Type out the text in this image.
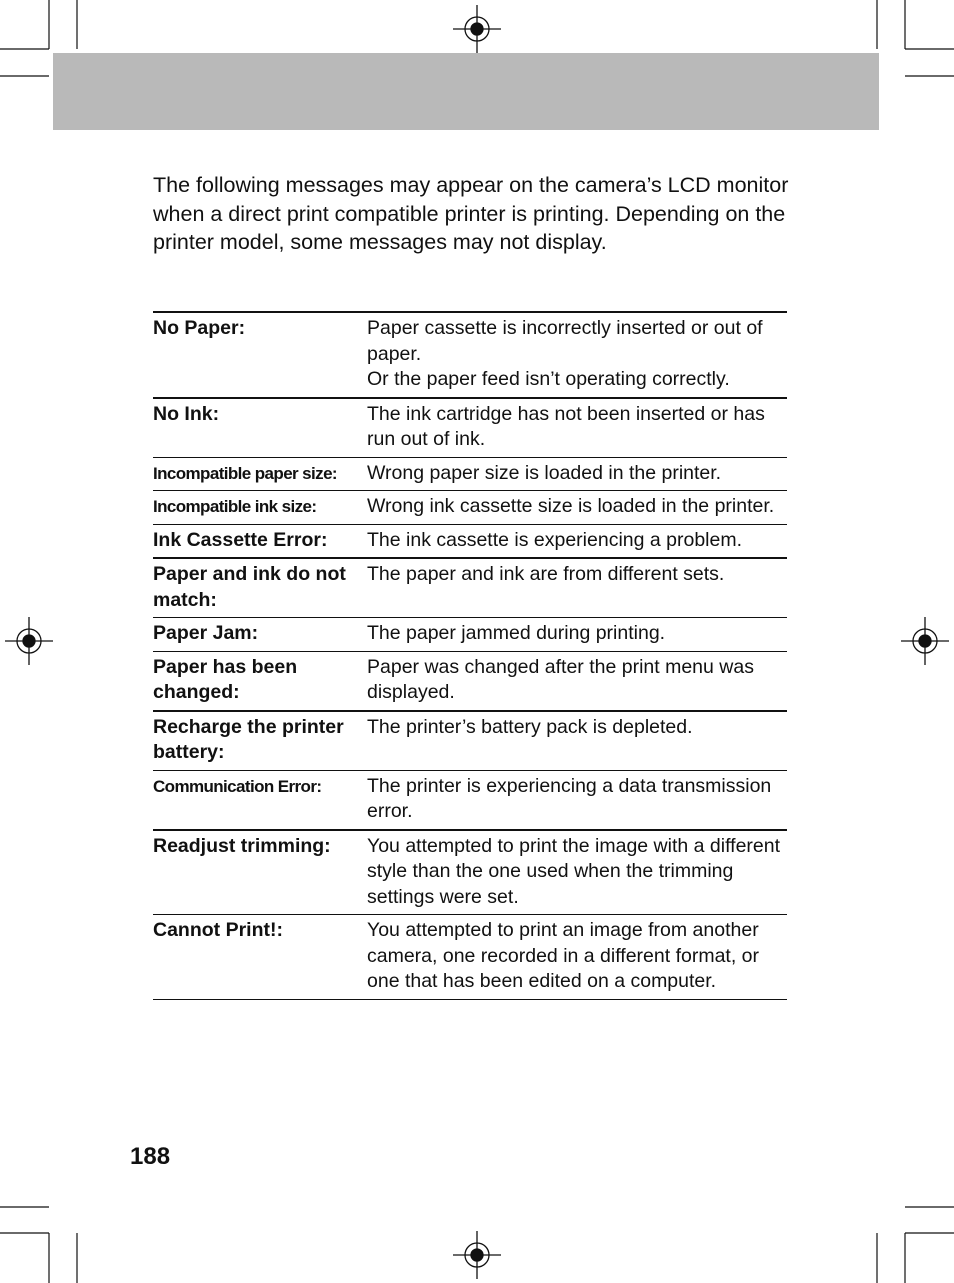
The following messages may appear on the camera’s LCD monitor when a direct print compatible printer is printing. Depending on the printer model, some messages may not display.

No Paper:	Paper cassette is incorrectly inserted or out of paper.
Or the paper feed isn’t operating correctly.

No Ink:	The ink cartridge has not been inserted or has run out of ink.
Incompatible paper size:	Wrong paper size is loaded in the printer.
Incompatible ink size:	Wrong ink cassette size is loaded in the printer.
Ink Cassette Error:	The ink cassette is experiencing a problem.
Paper and ink do not match:	The paper and ink are from different sets.
Paper Jam:	The paper jammed during printing.
Paper has been changed:	Paper was changed after the print menu was displayed.
Recharge the printer battery:	The printer’s battery pack is depleted.
Communication Error:	The printer is experiencing a data transmission error.
Readjust trimming:	You attempted to print the image with a different style than the one used when the trimming settings were set.
Cannot Print!:	You attempted to print an image from another camera, one recorded in a different format, or one that has been edited on a computer.
188
